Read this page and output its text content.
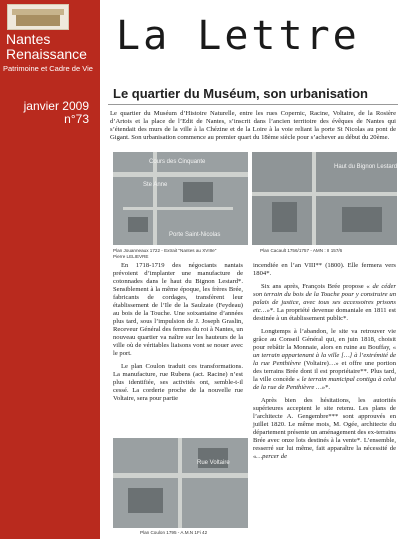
Nantes
Renaissance
Patrimoine et Cadre de Vie
janvier 2009
n°73
La Lettre
Le quartier du Muséum, son urbanisation
Le quartier du Muséum d’Histoire Naturelle, entre les rues Copernic, Racine, Voltaire, de la Rosière d’Artois et la place de l’Edit de Nantes, s’inscrit dans l’ancien territoire des évêques de Nantes qui s’étendait des murs de la ville à la Chézine et de la Loire à la voie reliant la porte St Nicolas au pont de Gigant. Son urbanisation commence au premier quart du 18ème siècle pour s’achever au début du 20ème.
Cours des Cinquante
Ste Anne
Porte Saint-Nicolas
Plan Jouanneaux 1722 - Extrait "Nantes au XVIIIe"
Pierre LELIEVRE
Haut du Bignon Lestard
Plan Cacault 1756/1757 - AMN : II 157/6

En 1718-1719 des négociants nantais prévoient d’implanter une manufacture de cotonnades dans le haut du Bignon Lestard*. Sensiblement à la même époque, les frères Brée, fabricants de cordages, transfèrent leur établissement de l’Ile de la Saulzaie (Feydeau) au bois de la Touche. Une soixantaine d’années plus tard, sous l’impulsion de J. Joseph Graslin, Receveur Général des fermes du roi à Nantes, un nouveau quartier va naître sur les hauteurs de la ville où de véritables liaisons vont se nouer avec le port.

Le plan Coulon traduit ces transformations. La manufacture, rue Rubens (act. Racine) n’est plus identifiée, ses activités ont, semble-t-il cessé. La corderie proche de la nouvelle rue Voltaire, sera pour partie

Rue Voltaire
Plan Coulon 1795 - A.M.N 1Fi 42

incendiée en l’an VIII** (1800). Elle fermera vers 1804*.

Six ans après, François Brée propose « de céder son terrain du bois de la Touche pour y construire un palais de justice, avec tous ses accessoires prisons etc…»*. La propriété devenue domaniale en 1811 est destinée à un établissement public*.

Longtemps à l’abandon, le site va retrouver vie grâce au Conseil Général qui, en juin 1818, choisit pour rebâtir la Monnaie, alors en ruine au Bouffay, « un terrain appartenant à la ville […] à l’extrémité de la rue Penthièvre (Voltaire)…» et offre une portion des terrains Brée dont il est propriétaire**. Plus tard, la ville concède « le terrain municipal contigu à celui de la rue de Penthièvre …»*.

Après bien des hésitations, les autorités supérieures acceptent le site retenu. Les plans de l’architecte A. Gengembre*** sont approuvés en juillet 1820. Le même mois, M. Ogée, architecte du département présente un aménagement des ex-terrains Brée avec onze lots destinés à la vente*. L’ensemble, resserré sur lui même, fait apparaître la nécessité de «…percer de
